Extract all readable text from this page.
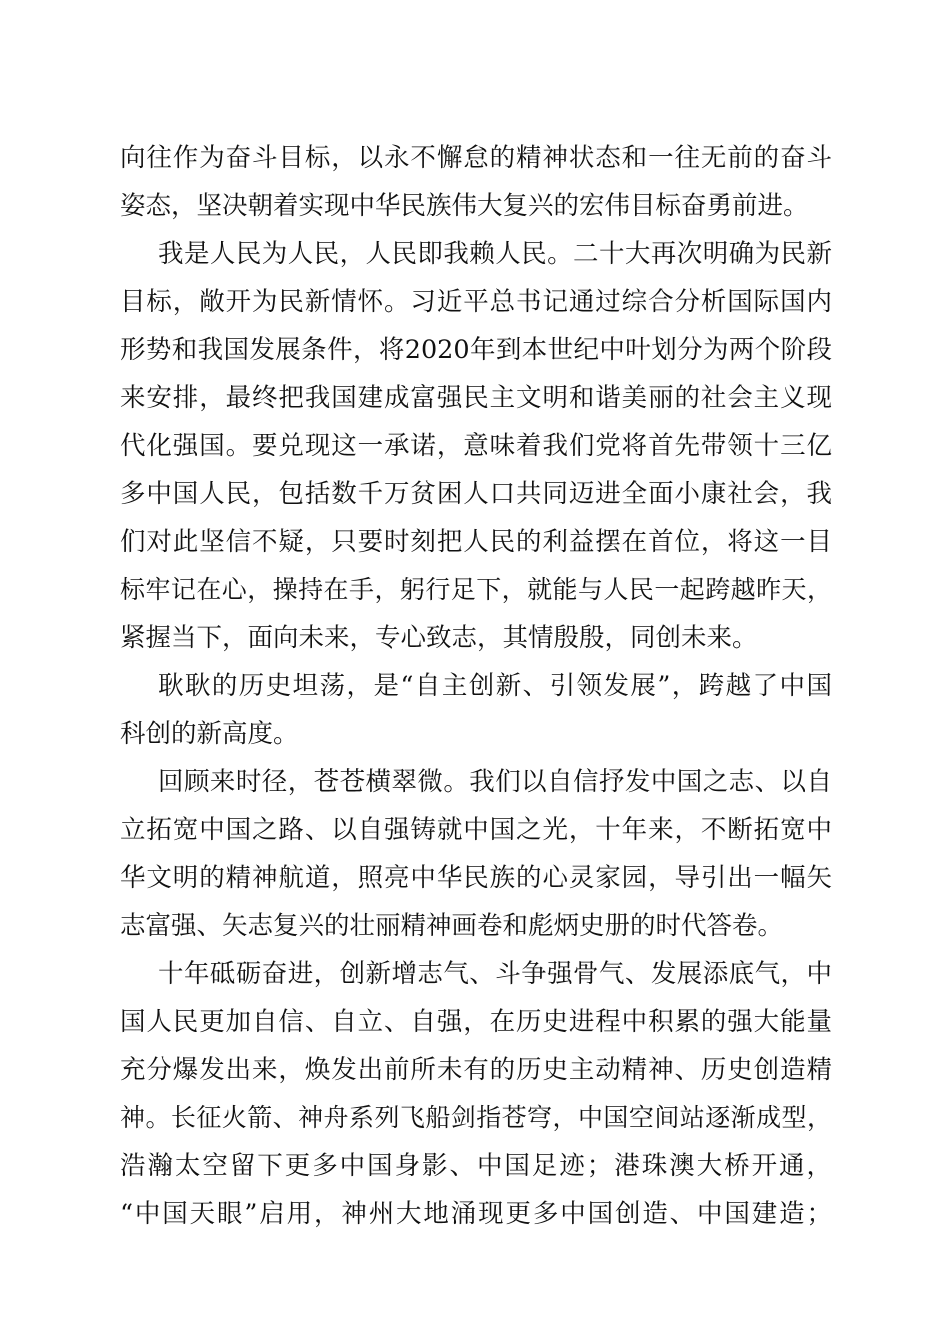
向往作为奋斗目标，以永不懈怠的精神状态和一往无前的奋斗
姿态，坚决朝着实现中华民族伟大复兴的宏伟目标奋勇前进。
我是人民为人民，人民即我赖人民。二十大再次明确为民新
目标，敞开为民新情怀。习近平总书记通过综合分析国际国内
形势和我国发展条件，将2020年到本世纪中叶划分为两个阶段
来安排，最终把我国建成富强民主文明和谐美丽的社会主义现
代化强国。要兑现这一承诺，意味着我们党将首先带领十三亿
多中国人民，包括数千万贫困人口共同迈进全面小康社会，我
们对此坚信不疑，只要时刻把人民的利益摆在首位，将这一目
标牢记在心，操持在手，躬行足下，就能与人民一起跨越昨天，
紧握当下，面向未来，专心致志，其情殷殷，同创未来。
耿耿的历史坦荡，是“自主创新、引领发展”，跨越了中国
科创的新高度。
回顾来时径，苍苍横翠微。我们以自信抒发中国之志、以自
立拓宽中国之路、以自强铸就中国之光，十年来，不断拓宽中
华文明的精神航道，照亮中华民族的心灵家园，导引出一幅矢
志富强、矢志复兴的壮丽精神画卷和彪炳史册的时代答卷。
十年砥砺奋进，创新增志气、斗争强骨气、发展添底气，中
国人民更加自信、自立、自强，在历史进程中积累的强大能量
充分爆发出来，焕发出前所未有的历史主动精神、历史创造精
神。长征火箭、神舟系列飞船剑指苍穹，中国空间站逐渐成型，
浩瀚太空留下更多中国身影、中国足迹；港珠澳大桥开通，
“中国天眼”启用，神州大地涌现更多中国创造、中国建造；
